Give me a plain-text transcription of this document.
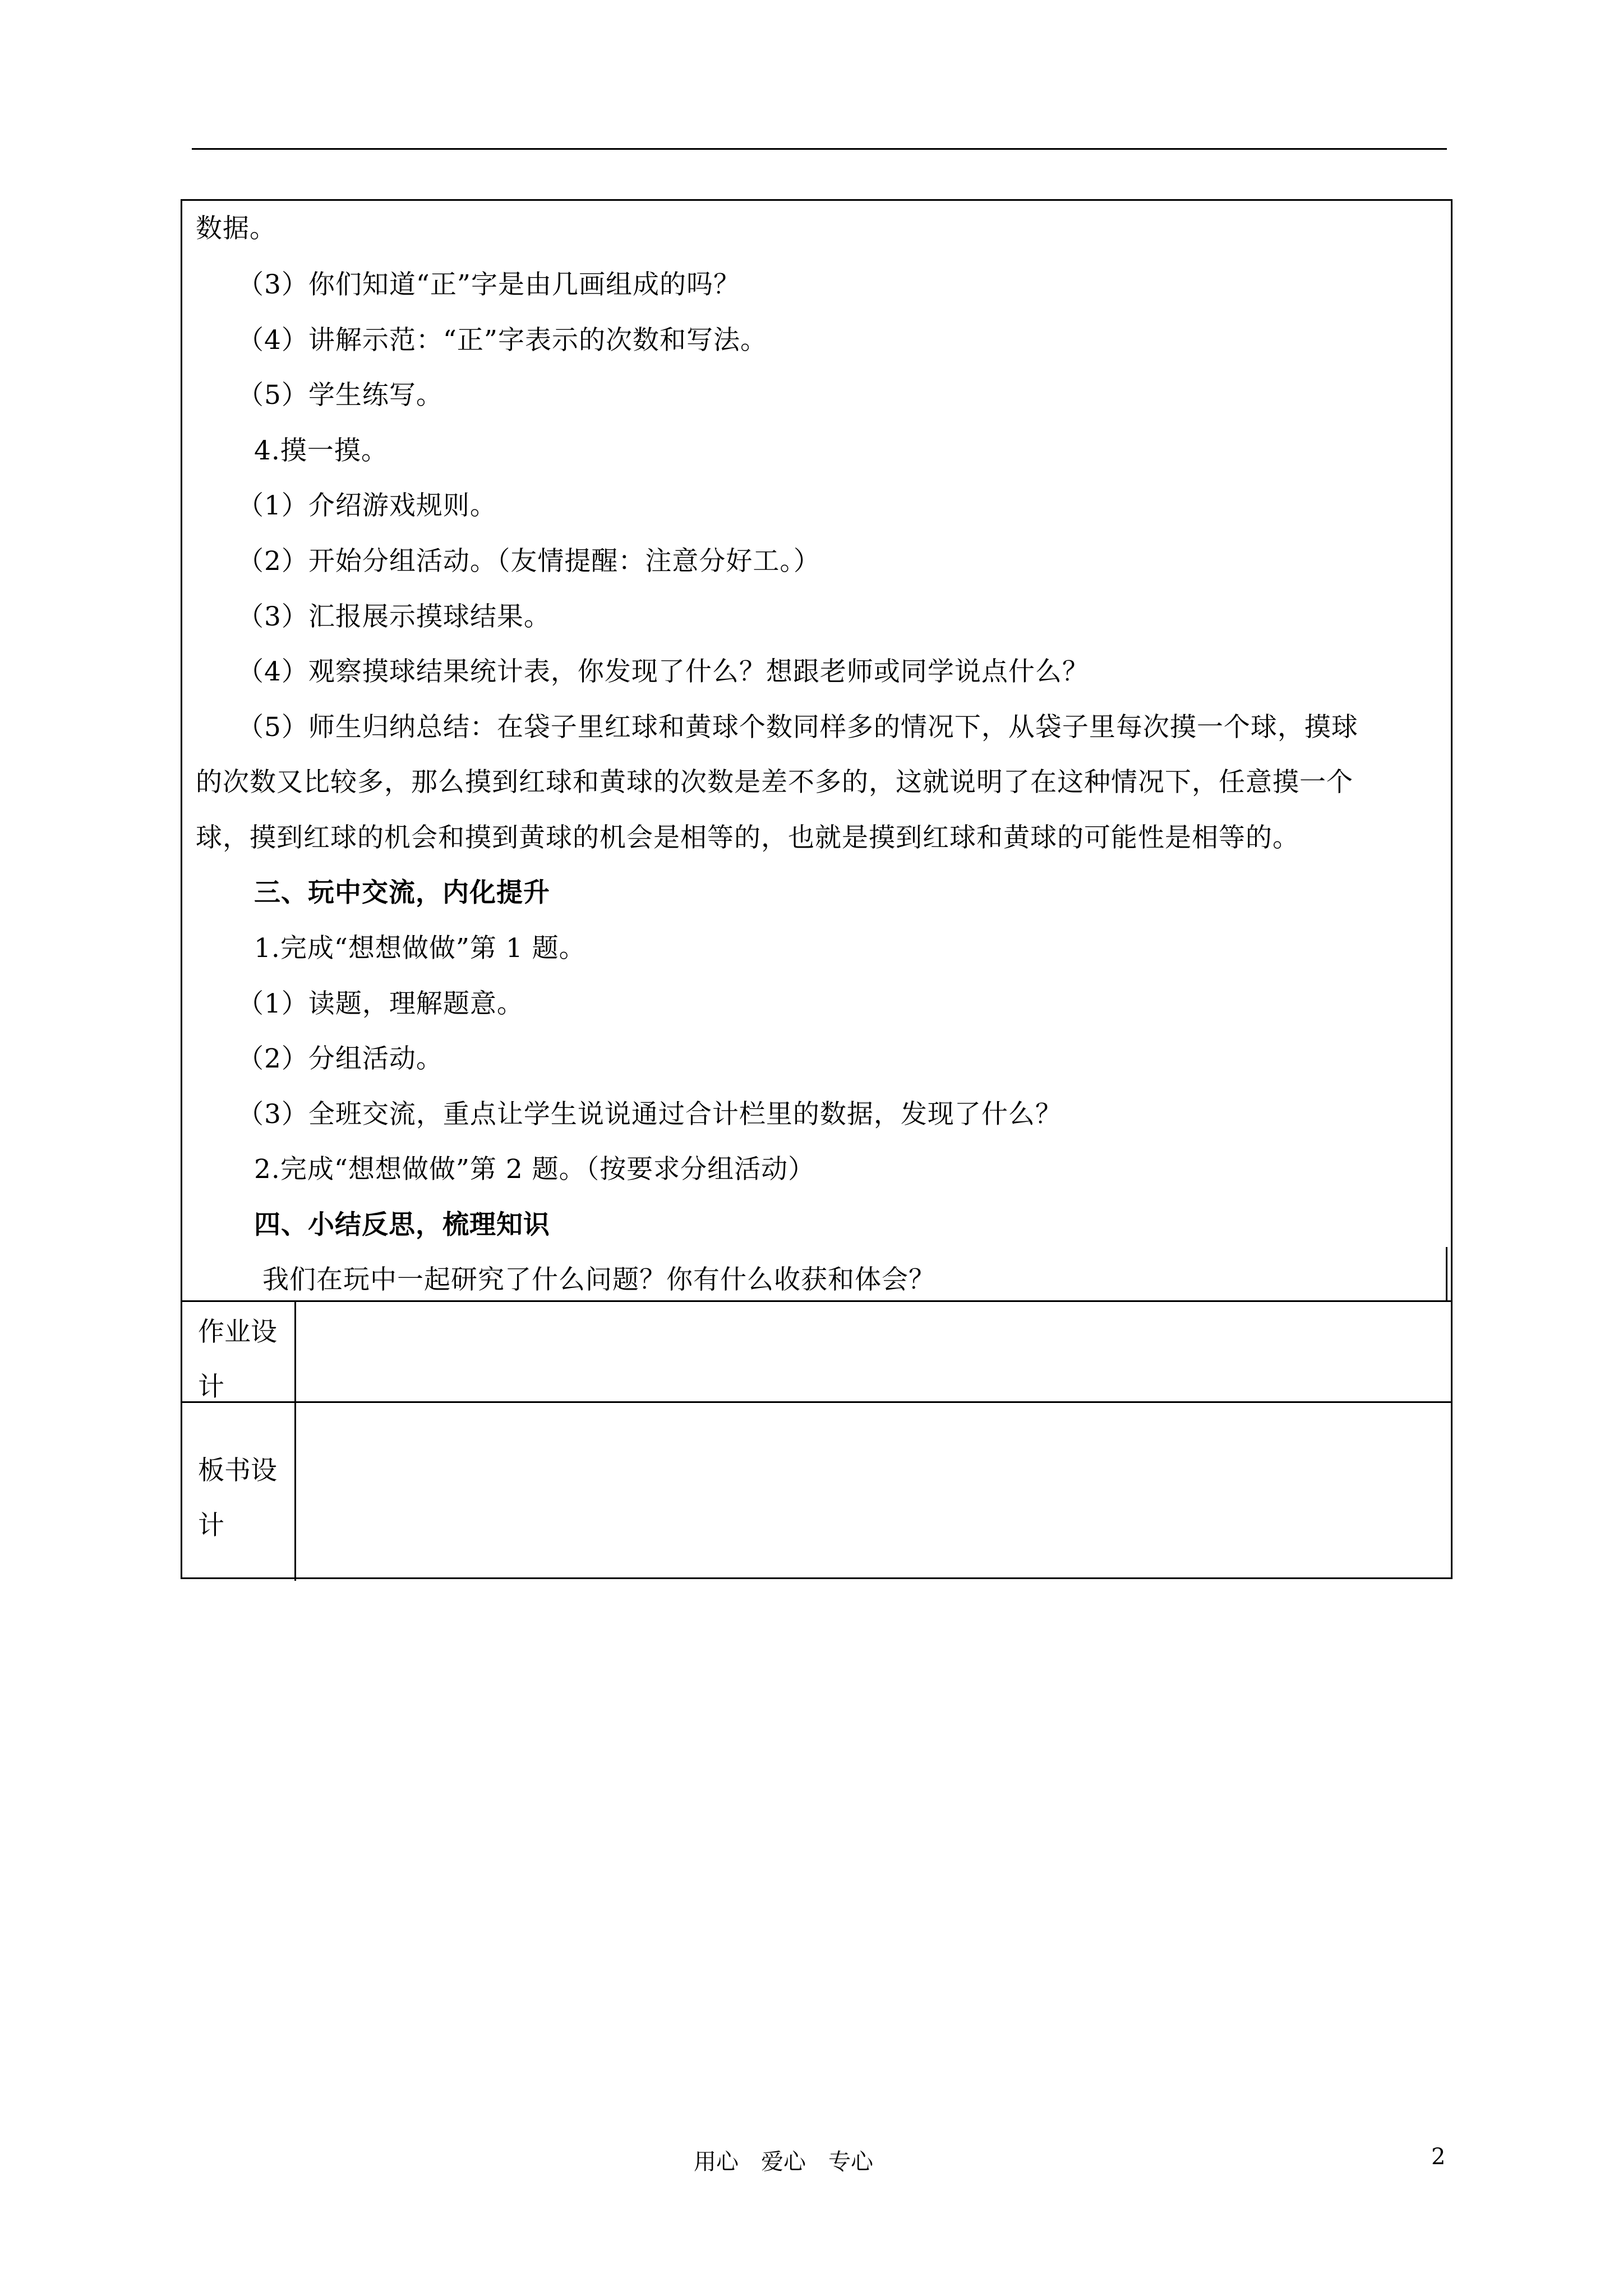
数据。
（3）你们知道“正”字是由几画组成的吗？
（4）讲解示范：“正”字表示的次数和写法。
（5）学生练写。
4.摸一摸。
（1）介绍游戏规则。
（2）开始分组活动。（友情提醒：注意分好工。）
（3）汇报展示摸球结果。
（4）观察摸球结果统计表，你发现了什么？想跟老师或同学说点什么？
（5）师生归纳总结：在袋子里红球和黄球个数同样多的情况下，从袋子里每次摸一个球，摸球
的次数又比较多，那么摸到红球和黄球的次数是差不多的，这就说明了在这种情况下，任意摸一个
球，摸到红球的机会和摸到黄球的机会是相等的，也就是摸到红球和黄球的可能性是相等的。
三、玩中交流，内化提升
1.完成“想想做做”第 1 题。
（1）读题，理解题意。
（2）分组活动。
（3）全班交流，重点让学生说说通过合计栏里的数据，发现了什么？
2.完成“想想做做”第 2 题。（按要求分组活动）
四、小结反思，梳理知识
我们在玩中一起研究了什么问题？你有什么收获和体会？
作业设计
板书设计
用心　爱心　专心	2
